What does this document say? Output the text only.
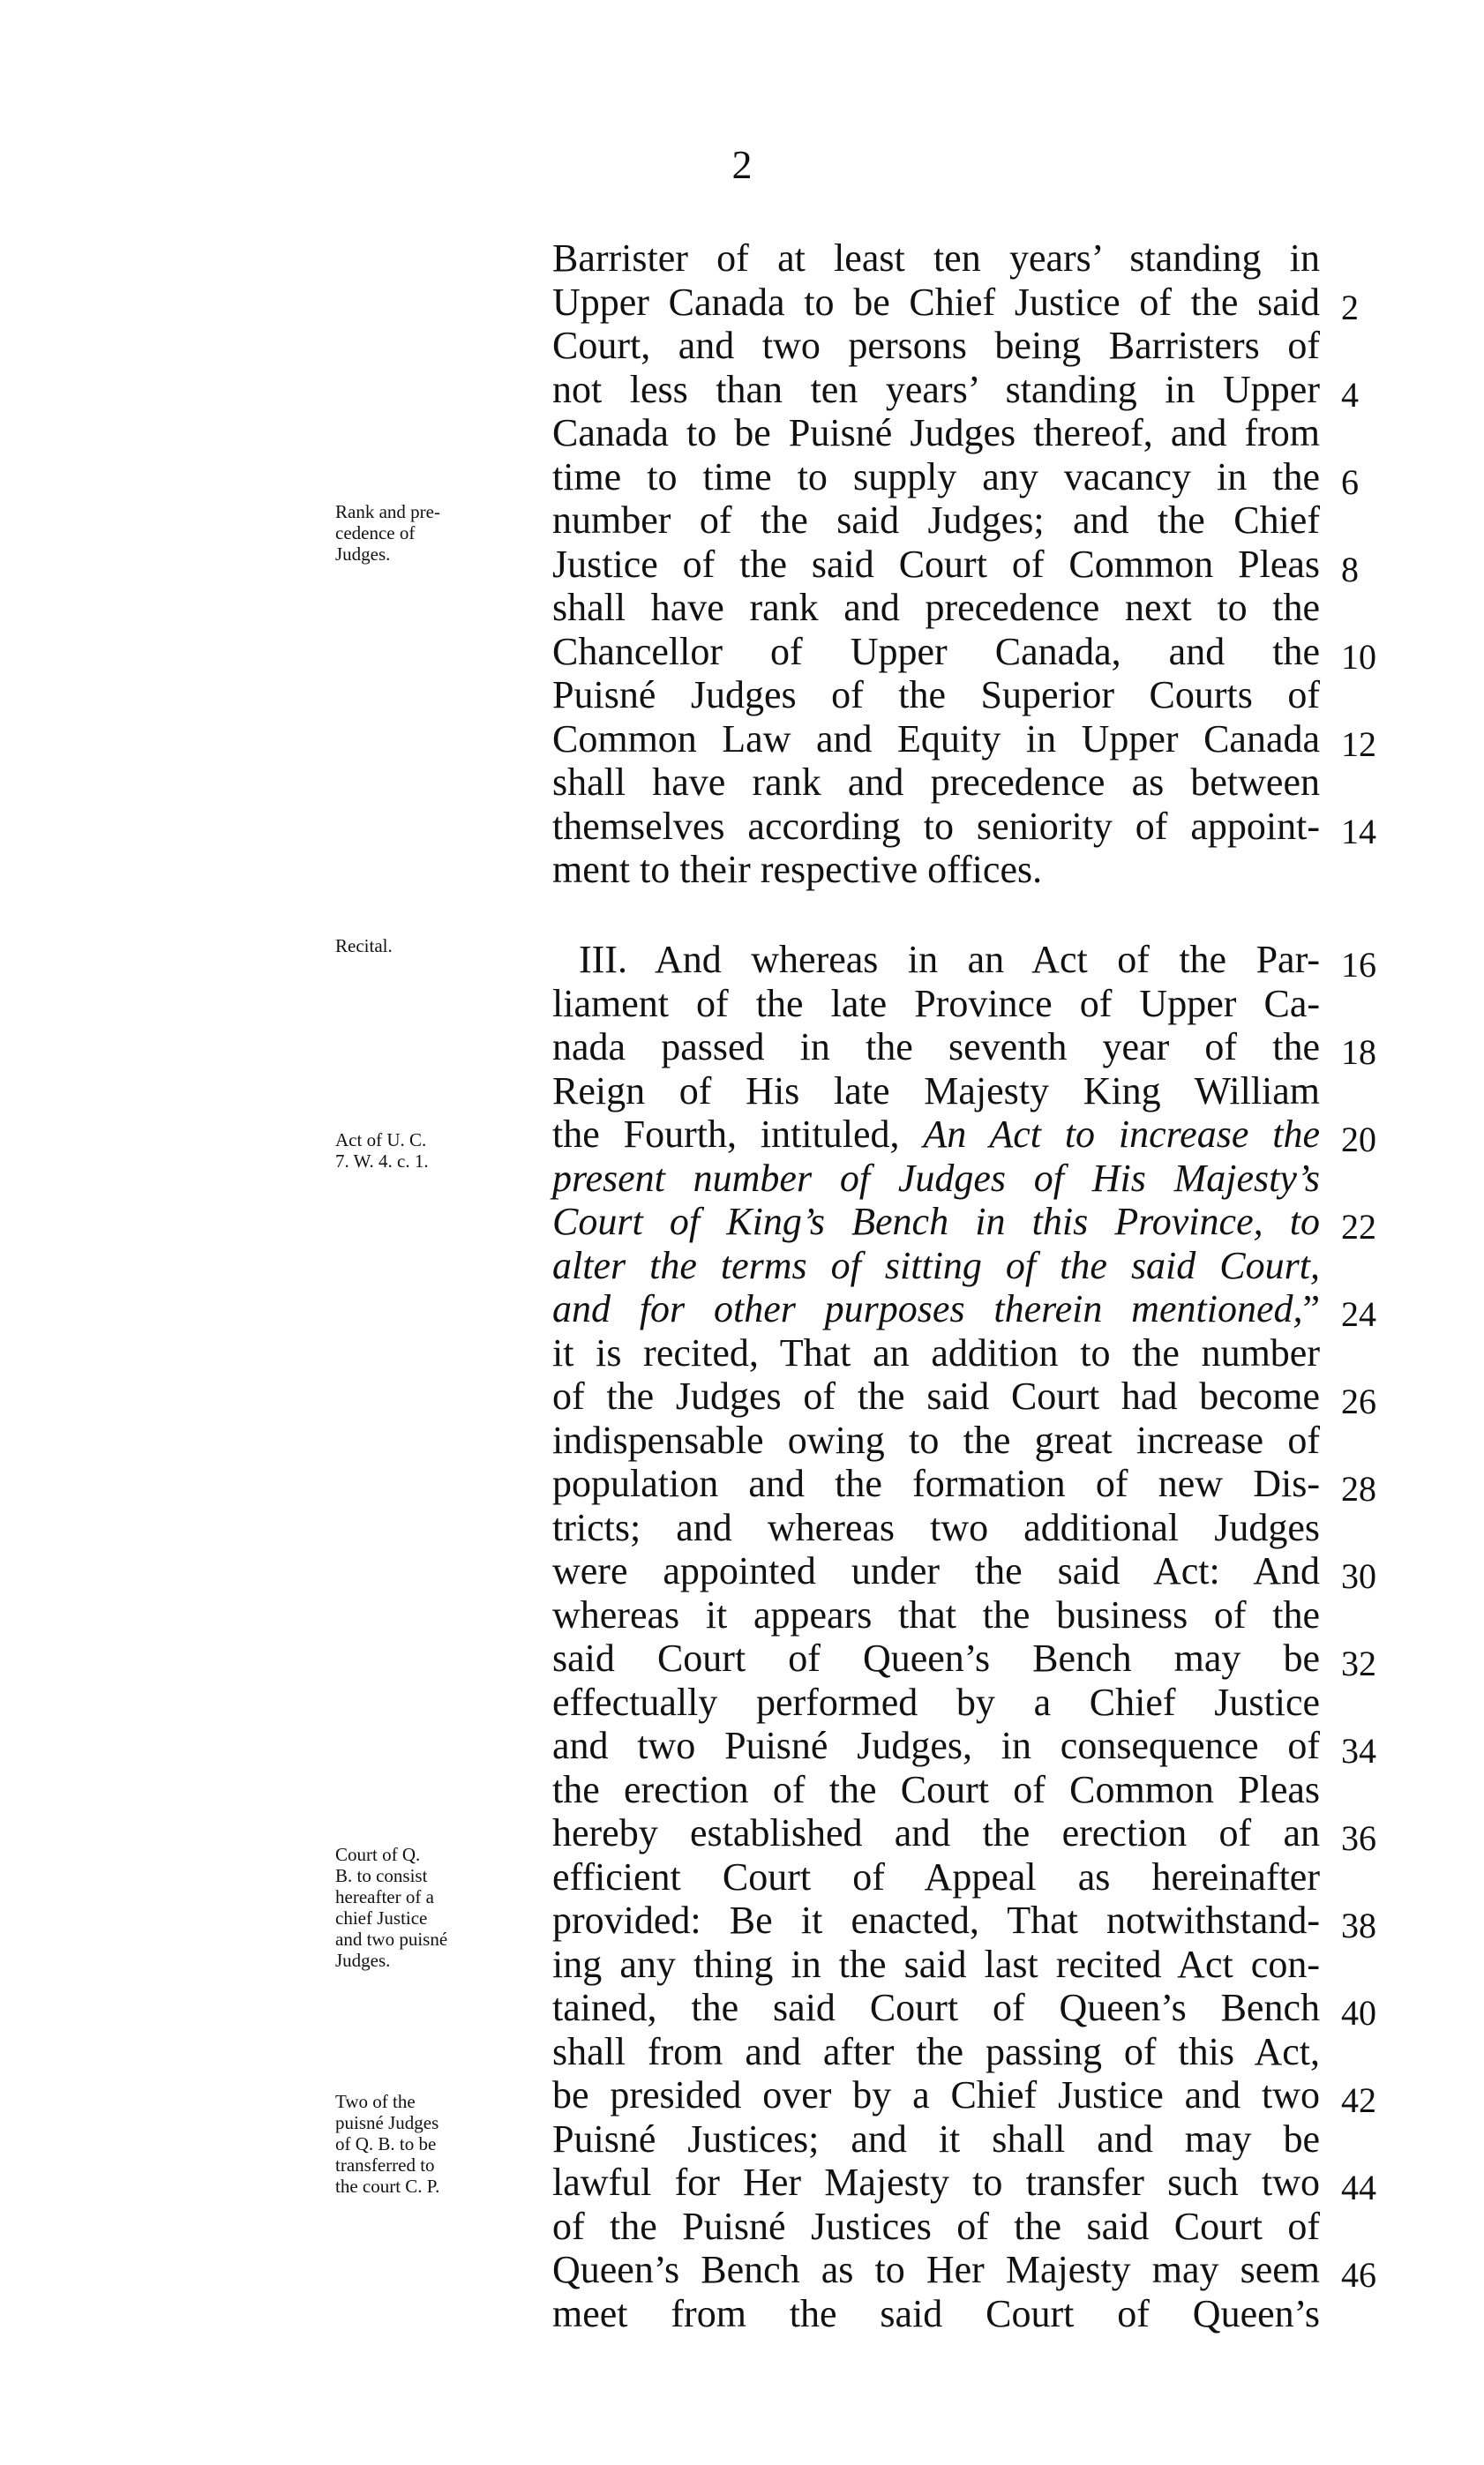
2
Rank and pre-
cedence of
Judges.
Recital.
Act of U. C.
7. W. 4. c. 1.
Court of Q.
B. to consist
hereafter of a
chief Justice
and two puisné
Judges.
Two of the
puisné Judges
of Q. B. to be
transferred to
the court C. P.
Barrister of at least ten years’ standing in
Upper Canada to be Chief Justice of the said
Court, and two persons being Barristers of
not less than ten years’ standing in Upper
Canada to be Puisné Judges thereof, and from
time to time to supply any vacancy in the
number of the said Judges; and the Chief
Justice of the said Court of Common Pleas
shall have rank and precedence next to the
Chancellor of Upper Canada, and the
Puisné Judges of the Superior Courts of
Common Law and Equity in Upper Canada
shall have rank and precedence as between
themselves according to seniority of appoint-
ment to their respective offices.
III. And whereas in an Act of the Par-
liament of the late Province of Upper Ca-
nada passed in the seventh year of the
Reign of His late Majesty King William
the Fourth, intituled, An Act to increase the
present number of Judges of His Majesty’s
Court of King’s Bench in this Province, to
alter the terms of sitting of the said Court,
and for other purposes therein mentioned,”
it is recited, That an addition to the number
of the Judges of the said Court had become
indispensable owing to the great increase of
population and the formation of new Dis-
tricts; and whereas two additional Judges
were appointed under the said Act: And
whereas it appears that the business of the
said Court of Queen’s Bench may be
effectually performed by a Chief Justice
and two Puisné Judges, in consequence of
the erection of the Court of Common Pleas
hereby established and the erection of an
efficient Court of Appeal as hereinafter
provided: Be it enacted, That notwithstand-
ing any thing in the said last recited Act con-
tained, the said Court of Queen’s Bench
shall from and after the passing of this Act,
be presided over by a Chief Justice and two
Puisné Justices; and it shall and may be
lawful for Her Majesty to transfer such two
of the Puisné Justices of the said Court of
Queen’s Bench as to Her Majesty may seem
meet from the said Court of Queen’s
2
4
6
8
10
12
14
16
18
20
22
24
26
28
30
32
34
36
38
40
42
44
46
